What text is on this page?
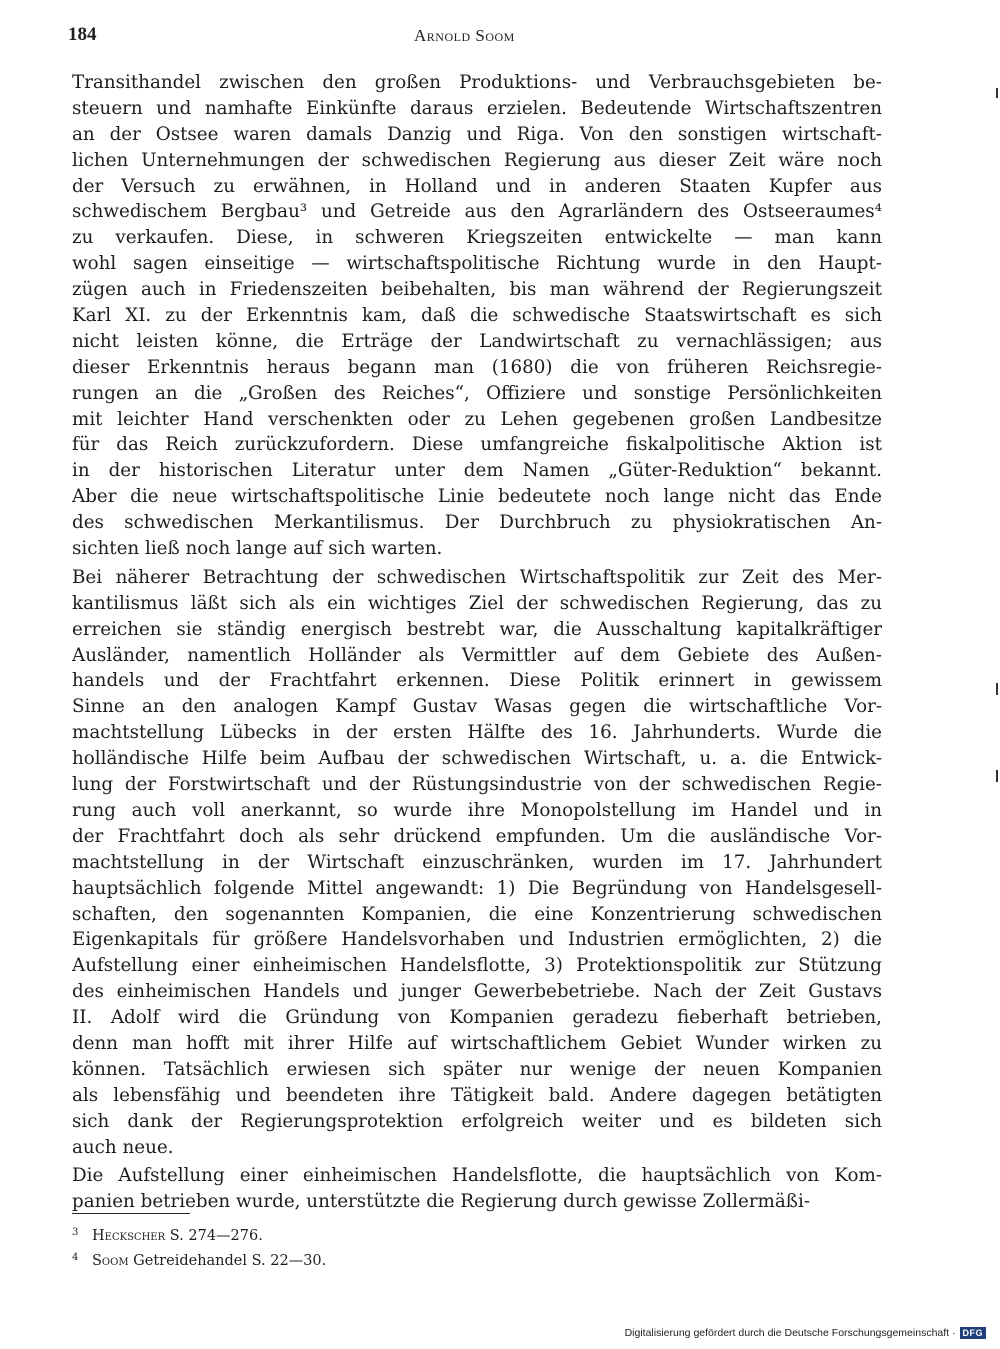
184	Arnold Soom
Transithandel zwischen den großen Produktions- und Verbrauchsgebieten be-
steuern und namhafte Einkünfte daraus erzielen. Bedeutende Wirtschaftszentren
an der Ostsee waren damals Danzig und Riga. Von den sonstigen wirtschaft-
lichen Unternehmungen der schwedischen Regierung aus dieser Zeit wäre noch
der Versuch zu erwähnen, in Holland und in anderen Staaten Kupfer aus
schwedischem Bergbau³ und Getreide aus den Agrarländern des Ostseeraumes⁴
zu verkaufen. Diese, in schweren Kriegszeiten entwickelte — man kann
wohl sagen einseitige — wirtschaftspolitische Richtung wurde in den Haupt-
zügen auch in Friedenszeiten beibehalten, bis man während der Regierungszeit
Karl XI. zu der Erkenntnis kam, daß die schwedische Staatswirtschaft es sich
nicht leisten könne, die Erträge der Landwirtschaft zu vernachlässigen; aus
dieser Erkenntnis heraus begann man (1680) die von früheren Reichsregie-
rungen an die „Großen des Reiches“, Offiziere und sonstige Persönlichkeiten
mit leichter Hand verschenkten oder zu Lehen gegebenen großen Landbesitze
für das Reich zurückzufordern. Diese umfangreiche fiskalpolitische Aktion ist
in der historischen Literatur unter dem Namen „Güter-Reduktion“ bekannt.
Aber die neue wirtschaftspolitische Linie bedeutete noch lange nicht das Ende
des schwedischen Merkantilismus. Der Durchbruch zu physiokratischen An-
sichten ließ noch lange auf sich warten.
Bei näherer Betrachtung der schwedischen Wirtschaftspolitik zur Zeit des Mer-
kantilismus läßt sich als ein wichtiges Ziel der schwedischen Regierung, das zu
erreichen sie ständig energisch bestrebt war, die Ausschaltung kapitalkräftiger
Ausländer, namentlich Holländer als Vermittler auf dem Gebiete des Außen-
handels und der Frachtfahrt erkennen. Diese Politik erinnert in gewissem
Sinne an den analogen Kampf Gustav Wasas gegen die wirtschaftliche Vor-
machtstellung Lübecks in der ersten Hälfte des 16. Jahrhunderts. Wurde die
holländische Hilfe beim Aufbau der schwedischen Wirtschaft, u. a. die Entwick-
lung der Forstwirtschaft und der Rüstungsindustrie von der schwedischen Regie-
rung auch voll anerkannt, so wurde ihre Monopolstellung im Handel und in
der Frachtfahrt doch als sehr drückend empfunden. Um die ausländische Vor-
machtstellung in der Wirtschaft einzuschränken, wurden im 17. Jahrhundert
hauptsächlich folgende Mittel angewandt: 1) Die Begründung von Handelsgesell-
schaften, den sogenannten Kompanien, die eine Konzentrierung schwedischen
Eigenkapitals für größere Handelsvorhaben und Industrien ermöglichten, 2) die
Aufstellung einer einheimischen Handelsflotte, 3) Protektionspolitik zur Stützung
des einheimischen Handels und junger Gewerbebetriebe. Nach der Zeit Gustavs
II. Adolf wird die Gründung von Kompanien geradezu fieberhaft betrieben,
denn man hofft mit ihrer Hilfe auf wirtschaftlichem Gebiet Wunder wirken zu
können. Tatsächlich erwiesen sich später nur wenige der neuen Kompanien
als lebensfähig und beendeten ihre Tätigkeit bald. Andere dagegen betätigten
sich dank der Regierungsprotektion erfolgreich weiter und es bildeten sich
auch neue.
Die Aufstellung einer einheimischen Handelsflotte, die hauptsächlich von Kom-
panien betrieben wurde, unterstützte die Regierung durch gewisse Zollermäßi-
3 Heckscher S. 274—276.
4 Soom Getreidehandel S. 22—30.
Digitalisierung gefördert durch die Deutsche Forschungsgemeinschaft · DFG
